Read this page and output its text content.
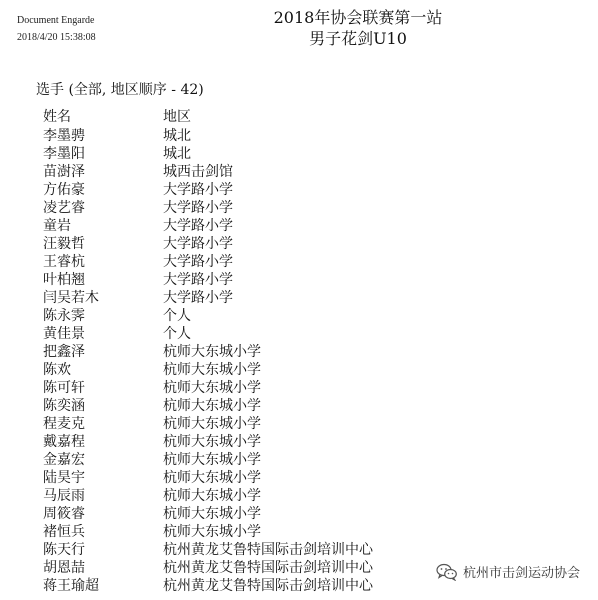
Document Engarde
2018/4/20 15:38:08
2018年协会联赛第一站
男子花剑U10
选手 (全部, 地区顺序 - 42)
姓名	地区
李墨骋	城北
李墨阳	城北
苗澍泽	城西击剑馆
方佑豪	大学路小学
凌艺睿	大学路小学
童岩	大学路小学
汪毅哲	大学路小学
王睿杭	大学路小学
叶柏翘	大学路小学
闫吴若木	大学路小学
陈永霁	个人
黄佳景	个人
把鑫泽	杭师大东城小学
陈欢	杭师大东城小学
陈可轩	杭师大东城小学
陈奕涵	杭师大东城小学
程麦克	杭师大东城小学
戴嘉程	杭师大东城小学
金嘉宏	杭师大东城小学
陆昊宇	杭师大东城小学
马辰雨	杭师大东城小学
周筱睿	杭师大东城小学
褚恒兵	杭师大东城小学
陈天行	杭州黄龙艾鲁特国际击剑培训中心
胡恩喆	杭州黄龙艾鲁特国际击剑培训中心
蒋王瑜超	杭州黄龙艾鲁特国际击剑培训中心
杭州市击剑运动协会
